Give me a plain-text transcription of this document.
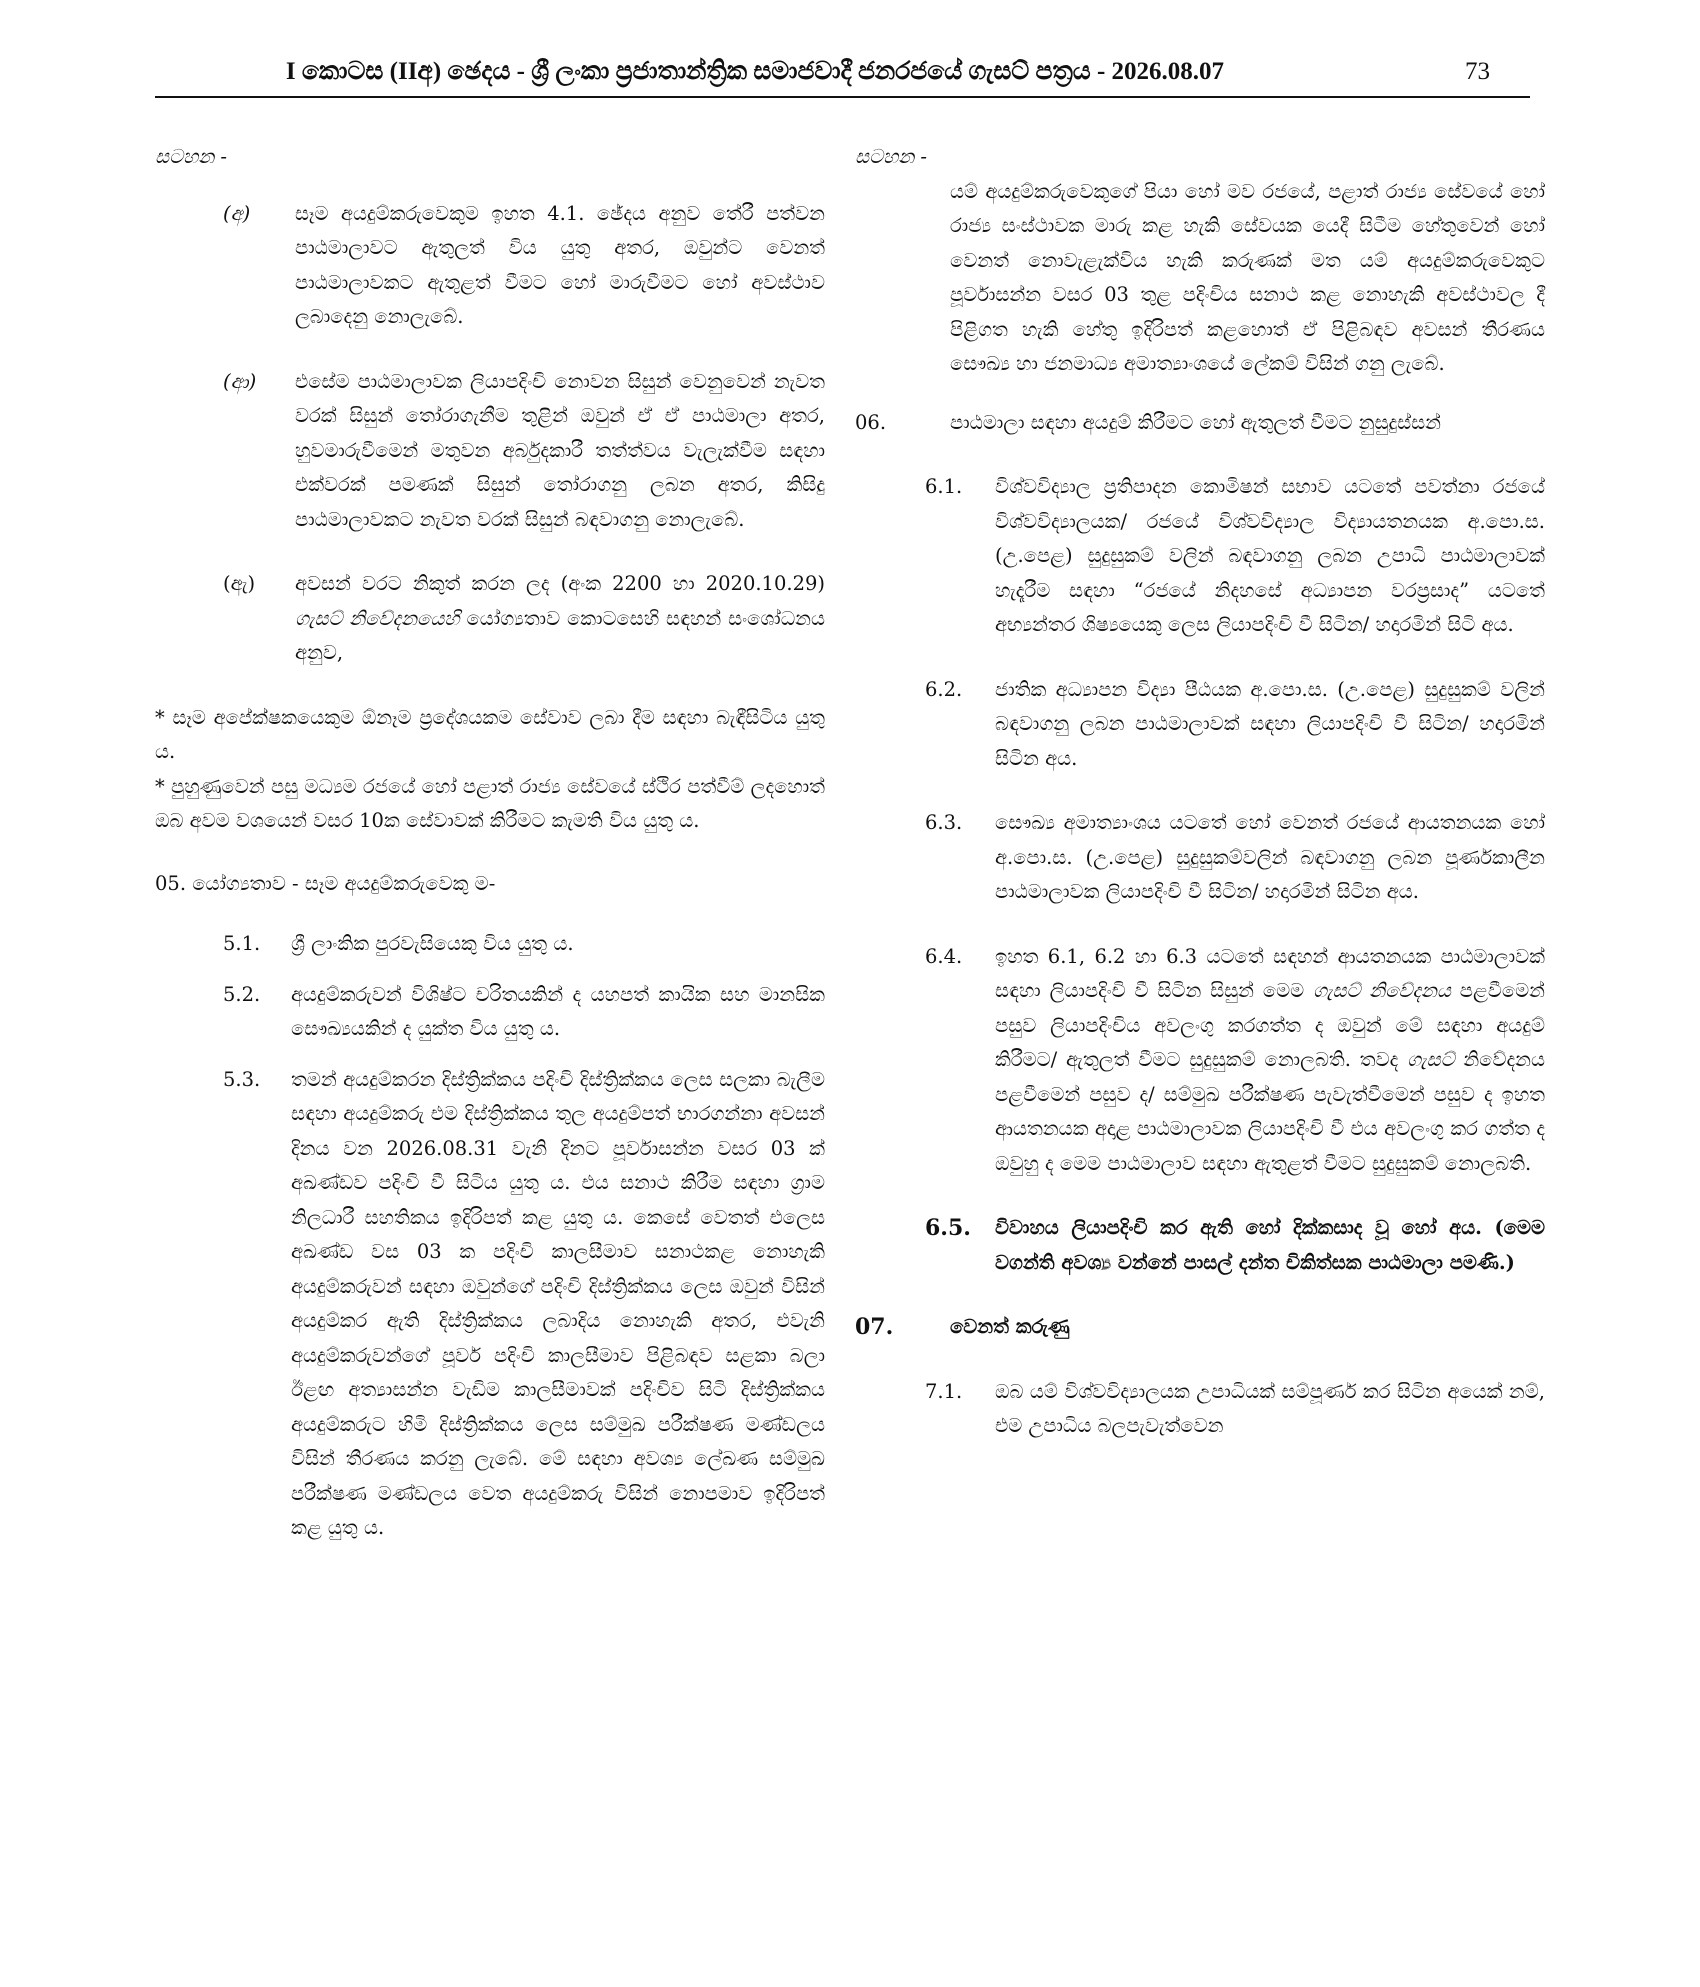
I කොටස (IIඅ) ඡෙදය - ශ්‍රී ලංකා ප්‍රජාතාන්ත්‍රික සමාජවාදී ජනරජයේ ගැසට් පත්‍රය - 2026.08.07	73
සටහන -
(අ)	සෑම අයදුම්කරුවෙකුම ඉහත 4.1. ඡේදය අනුව තේරී පත්වන පාඨමාලාවට ඇතුලත් විය යුතු අතර, ඔවුන්ට වෙනත් පාඨමාලාවකට ඇතුළත් වීමට හෝ මාරුවීමට හෝ අවස්ථාව ලබාදෙනු නොලැබේ.
(ආ)	එසේම පාඨමාලාවක ලියාපදිංචි නොවන සිසුන් වෙනුවෙන් නැවත වරක් සිසුන් තෝරාගැනීම තුළින් ඔවුන් ඒ ඒ පාඨමාලා අතර, හුවමාරුවීමෙන් මතුවන අර්බුදකාරී තත්ත්වය වැලැක්වීම සඳහා එක්වරක් පමණක් සිසුන් තෝරාගනු ලබන අතර, කිසිදු පාඨමාලාවකට නැවත වරක් සිසුන් බඳවාගනු නොලැබේ.
(ඇ)	අවසන් වරට නිකුත් කරන ලද (අංක 2200 හා 2020.10.29) ගැසට් නිවේදනයෙහි යෝග්‍යතාව කොටසෙහි සඳහන් සංශෝධනය අනුව,

* සෑම අපේක්ෂකයෙකුම ඕනෑම ප්‍රදේශයකම සේවාව ලබා දීම සඳහා බැඳීසිටිය යුතු ය.

* පුහුණුවෙන් පසු මධ්‍යම රජයේ හෝ පළාත් රාජ්‍ය සේවයේ ස්ථිර පත්වීම් ලදහොත් ඔබ අවම වශයෙන් වසර 10ක සේවාවක් කිරීමට කැමති විය යුතු ය.

05.
යෝග්‍යතාව - සෑම අයදුම්කරුවෙකු ම-
5.1.	ශ්‍රී ලාංකික පුරවැසියෙකු විය යුතු ය.
5.2.	අයදුම්කරුවන් විශිෂ්ට චරිතයකින් ද යහපත් කායික සහ මානසික සෞඛ්‍යයකින් ද යුක්ත විය යුතු ය.
5.3.	තමන් අයදුම්කරන දිස්ත්‍රික්කය පදිංචි දිස්ත්‍රික්කය ලෙස සලකා බැලීම සඳහා අයදුම්කරු එම දිස්ත්‍රික්කය තුල අයදුම්පත් භාරගන්නා අවසන් දිනය වන 2026.08.31 වැනි දිනට පූර්වාසන්න වසර 03 ක් අඛණ්ඩව පදිංචි වී සිටිය යුතු ය. එය සනාථ කිරීම සඳහා ග්‍රාම නිලධාරී සහතිකය ඉදිරිපත් කළ යුතු ය. කෙසේ වෙතත් එලෙස අඛණ්ඩ වස 03 ක පදිංචි කාලසීමාව සනාථකළ නොහැකි අයදුම්කරුවන් සඳහා ඔවුන්ගේ පදිංචි දිස්ත්‍රික්කය ලෙස ඔවුන් විසින් අයදුම්කර ඇති දිස්ත්‍රික්කය ලබාදිය නොහැකි අතර, එවැනි අයදුම්කරුවන්ගේ පූර්ව පදිංචි කාලසීමාව පිළිබඳව සළකා බලා ඊළඟ අත්‍යාසන්න වැඩිම කාලසීමාවක් පදිංචිව සිටි දිස්ත්‍රික්කය අයදුම්කරුට හිමි දිස්ත්‍රික්කය ලෙස සම්මුඛ පරීක්ෂණ මණ්ඩලය විසින් තීරණය කරනු ලැබේ. මේ සඳහා අවශ්‍ය ලේඛණ සම්මුඛ පරීක්ෂණ මණ්ඩලය වෙත අයදුම්කරු විසින් නොපමාව ඉදිරිපත් කළ යුතු ය.
සටහන -
යම් අයදුම්කරුවෙකුගේ පියා හෝ මව රජයේ, පළාත් රාජ්‍ය සේවයේ හෝ රාජ්‍ය සංස්ථාවක මාරු කළ හැකි සේවයක යෙදී සිටීම හේතුවෙන් හෝ වෙනත් නොවැළැක්විය හැකි කරුණක් මත යම් අයදුම්කරුවෙකුට පූර්වාසන්න වසර 03 තුළ පදිංචිය සනාථ කළ නොහැකි අවස්ථාවල දී පිළිගත හැකි හේතු ඉදිරිපත් කළහොත් ඒ පිළිබඳව අවසන් තීරණය සෞඛ්‍ය හා ජනමාධ්‍ය අමාත්‍යාංශයේ ලේකම් විසින් ගනු ලැබේ.
06.	පාඨමාලා සඳහා අයදුම් කිරීමට හෝ ඇතුලත් වීමට නුසුදුස්සන්
6.1.	විශ්වවිද්‍යාල ප්‍රතිපාදන කොමිෂන් සභාව යටතේ පවත්නා රජයේ විශ්වවිද්‍යාලයක/ රජයේ විශ්වවිද්‍යාල විද්‍යායතනයක අ.පො.ස.(උ.පෙළ) සුදුසුකම් වලින් බඳවාගනු ලබන උපාධි පාඨමාලාවක් හැදෑරීම සඳහා “රජයේ නිදහසේ අධ්‍යාපන වරප්‍රසාද” යටතේ අභ්‍යන්තර ශිෂ්‍යයෙකු ලෙස ලියාපදිංචි වී සිටින/ හදාරමින් සිටි අය.
6.2.	ජාතික අධ්‍යාපන විද්‍යා පීඨයක අ.පො.ස. (උ.පෙළ) සුදුසුකම් වලින් බඳවාගනු ලබන පාඨමාලාවක් සඳහා ලියාපදිංචි වී සිටින/ හදාරමින් සිටින අය.
6.3.	සෞඛ්‍ය අමාත්‍යාංශය යටතේ හෝ වෙනත් රජයේ ආයතනයක හෝ අ.පො.ස. (උ.පෙළ) සුදුසුකම්වලින් බඳවාගනු ලබන පූර්ණකාලීන පාඨමාලාවක ලියාපදිංචි වී සිටින/ හදාරමින් සිටින අය.
6.4.	ඉහත 6.1, 6.2 හා 6.3 යටතේ සඳහන් ආයතනයක පාඨමාලාවක් සඳහා ලියාපදිංචි වී සිටින සිසුන් මෙම ගැසට් නිවේදනය පළවීමෙන් පසුව ලියාපදිංචිය අවලංගු කරගත්ත ද ඔවුන් මේ සඳහා අයදුම් කිරීමට/ ඇතුලත් වීමට සුදුසුකම් නොලබති. තවද ගැසට් නිවේදනය පළවීමෙන් පසුව ද/ සම්මුඛ පරීක්ෂණ පැවැත්වීමෙන් පසුව ද ඉහත ආයතනයක අදාළ පාඨමාලාවක ලියාපදිංචි වී එය අවලංගු කර ගත්ත ද ඔවුහු ද මෙම පාඨමාලාව සඳහා ඇතුළත් වීමට සුදුසුකම් නොලබති.
6.5.	විවාහය ලියාපදිංචි කර ඇති හෝ දික්කසාද වූ හෝ අය. (මෙම වගන්ති අවශ්‍ය වන්නේ පාසල් දන්ත චිකිත්සක පාඨමාලා පමණි.)
07.	වෙනත් කරුණු
7.1.	ඔබ යම් විශ්වවිද්‍යාලයක උපාධියක් සම්පූර්ණ කර සිටින අයෙක් නම්, එම උපාධිය බලපැවැත්වෙන
